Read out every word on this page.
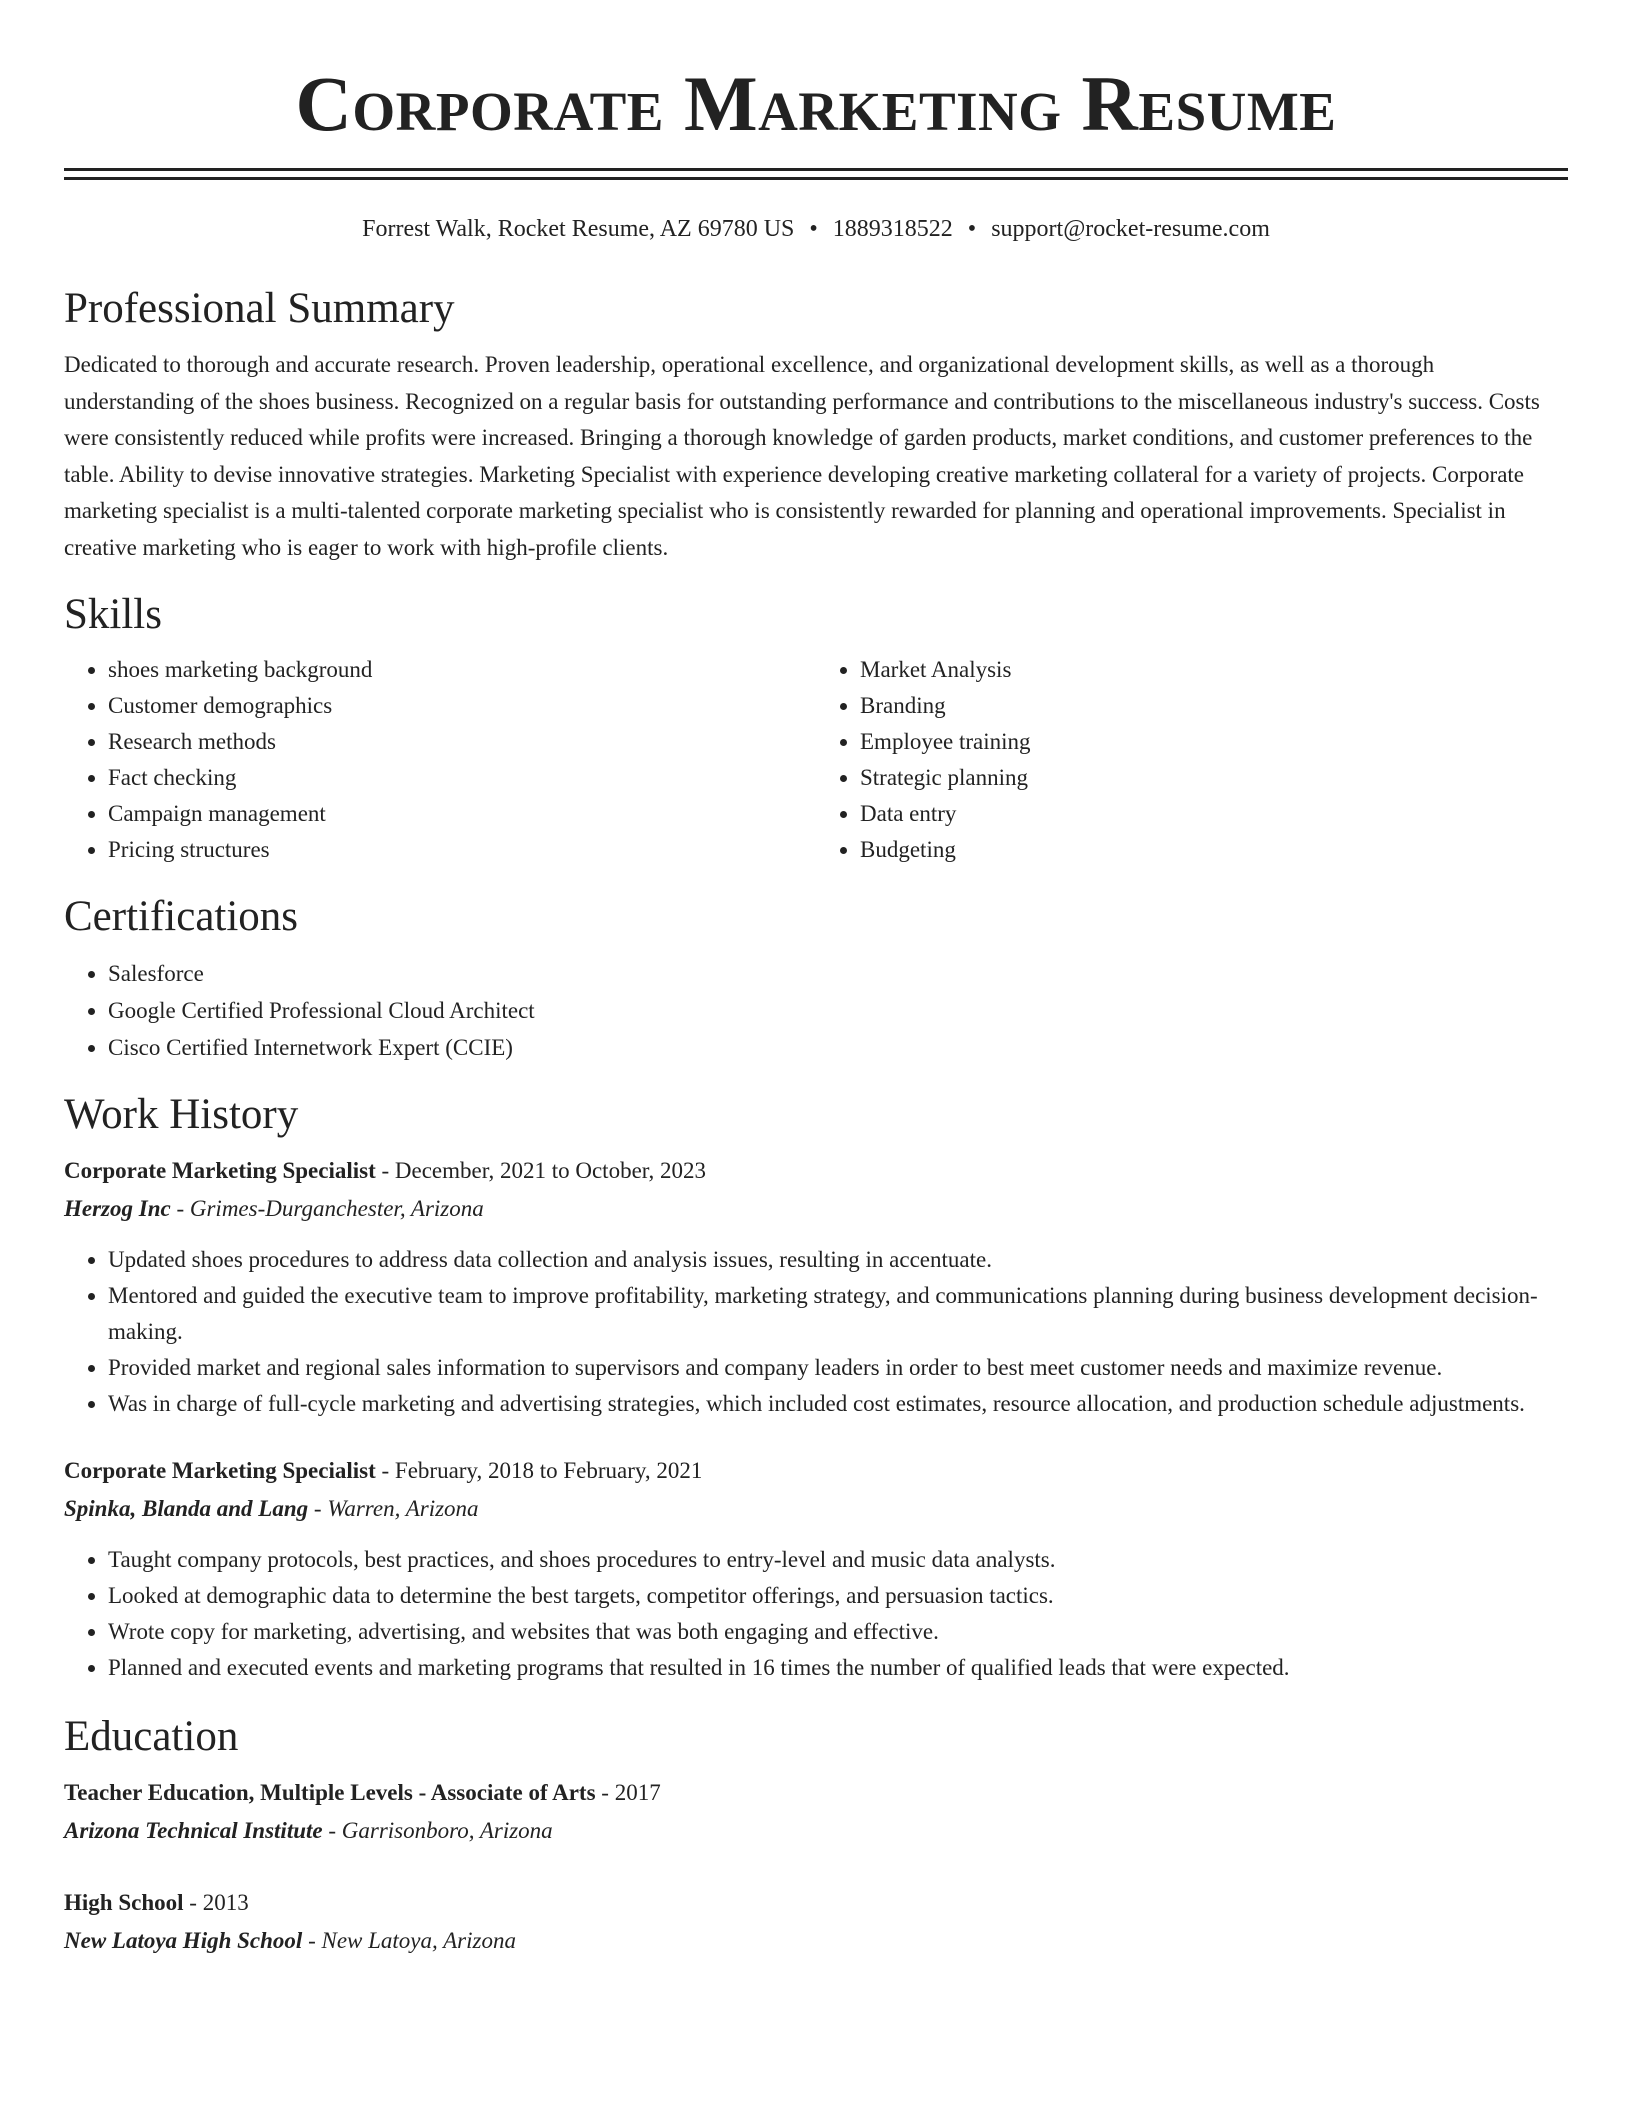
Corporate Marketing Resume
Forrest Walk, Rocket Resume, AZ 69780 US • 1889318522 • support@rocket-resume.com
Professional Summary

Dedicated to thorough and accurate research. Proven leadership, operational excellence, and organizational development skills, as well as a thorough understanding of the shoes business. Recognized on a regular basis for outstanding performance and contributions to the miscellaneous industry's success. Costs were consistently reduced while profits were increased. Bringing a thorough knowledge of garden products, market conditions, and customer preferences to the table. Ability to devise innovative strategies. Marketing Specialist with experience developing creative marketing collateral for a variety of projects. Corporate marketing specialist is a multi-talented corporate marketing specialist who is consistently rewarded for planning and operational improvements. Specialist in creative marketing who is eager to work with high-profile clients.

Skills
• shoes marketing background
• Customer demographics
• Research methods
• Fact checking
• Campaign management
• Pricing structures
• Market Analysis
• Branding
• Employee training
• Strategic planning
• Data entry
• Budgeting
Certifications
• Salesforce
• Google Certified Professional Cloud Architect
• Cisco Certified Internetwork Expert (CCIE)
Work History
Corporate Marketing Specialist - December, 2021 to October, 2023
Herzog Inc - Grimes-Durganchester, Arizona
• Updated shoes procedures to address data collection and analysis issues, resulting in accentuate.
• Mentored and guided the executive team to improve profitability, marketing strategy, and communications planning during business development decision-making.
• Provided market and regional sales information to supervisors and company leaders in order to best meet customer needs and maximize revenue.
• Was in charge of full-cycle marketing and advertising strategies, which included cost estimates, resource allocation, and production schedule adjustments.
Corporate Marketing Specialist - February, 2018 to February, 2021
Spinka, Blanda and Lang - Warren, Arizona
• Taught company protocols, best practices, and shoes procedures to entry-level and music data analysts.
• Looked at demographic data to determine the best targets, competitor offerings, and persuasion tactics.
• Wrote copy for marketing, advertising, and websites that was both engaging and effective.
• Planned and executed events and marketing programs that resulted in 16 times the number of qualified leads that were expected.
Education
Teacher Education, Multiple Levels - Associate of Arts - 2017
Arizona Technical Institute - Garrisonboro, Arizona
High School - 2013
New Latoya High School - New Latoya, Arizona
